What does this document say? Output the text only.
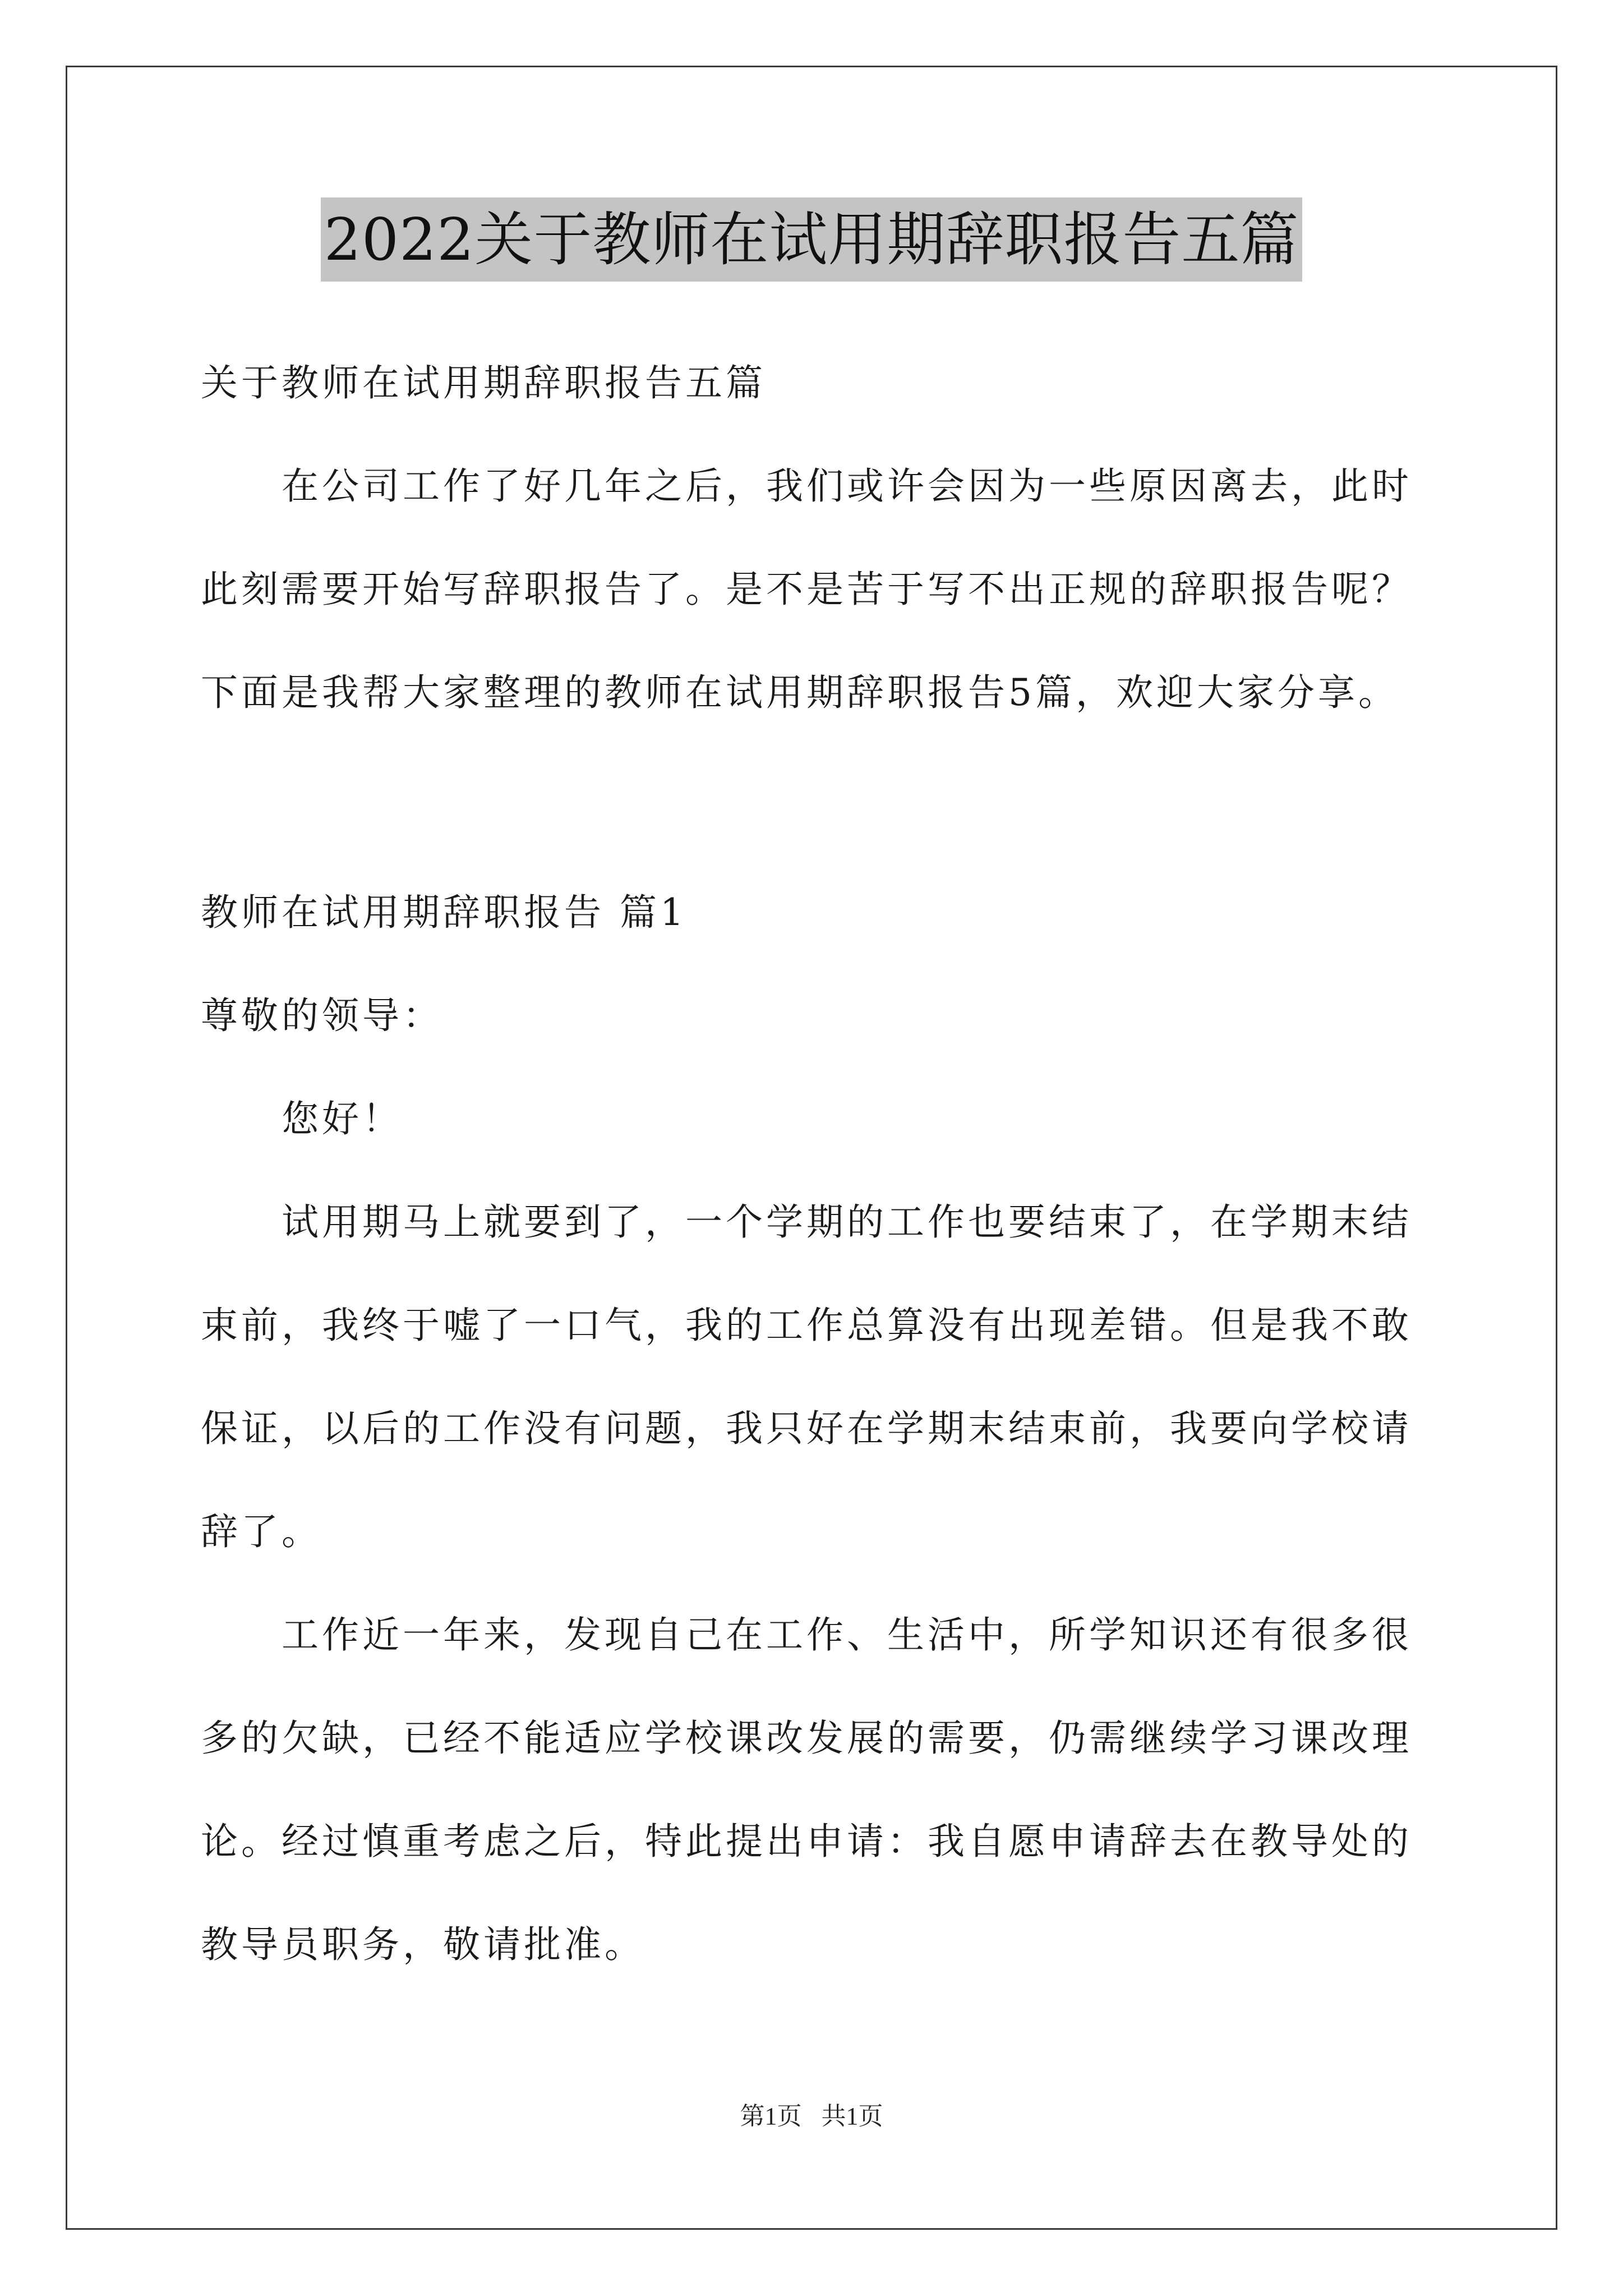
2022关于教师在试用期辞职报告五篇
关于教师在试用期辞职报告五篇
在公司工作了好几年之后，我们或许会因为一些原因离去，此时
此刻需要开始写辞职报告了。是不是苦于写不出正规的辞职报告呢？
下面是我帮大家整理的教师在试用期辞职报告5篇，欢迎大家分享。
教师在试用期辞职报告 篇1
尊敬的领导：
您好！
试用期马上就要到了，一个学期的工作也要结束了，在学期末结
束前，我终于嘘了一口气，我的工作总算没有出现差错。但是我不敢
保证，以后的工作没有问题，我只好在学期末结束前，我要向学校请
辞了。
工作近一年来，发现自己在工作、生活中，所学知识还有很多很
多的欠缺，已经不能适应学校课改发展的需要，仍需继续学习课改理
论。经过慎重考虑之后，特此提出申请：我自愿申请辞去在教导处的
教导员职务，敬请批准。
第1页 共1页
